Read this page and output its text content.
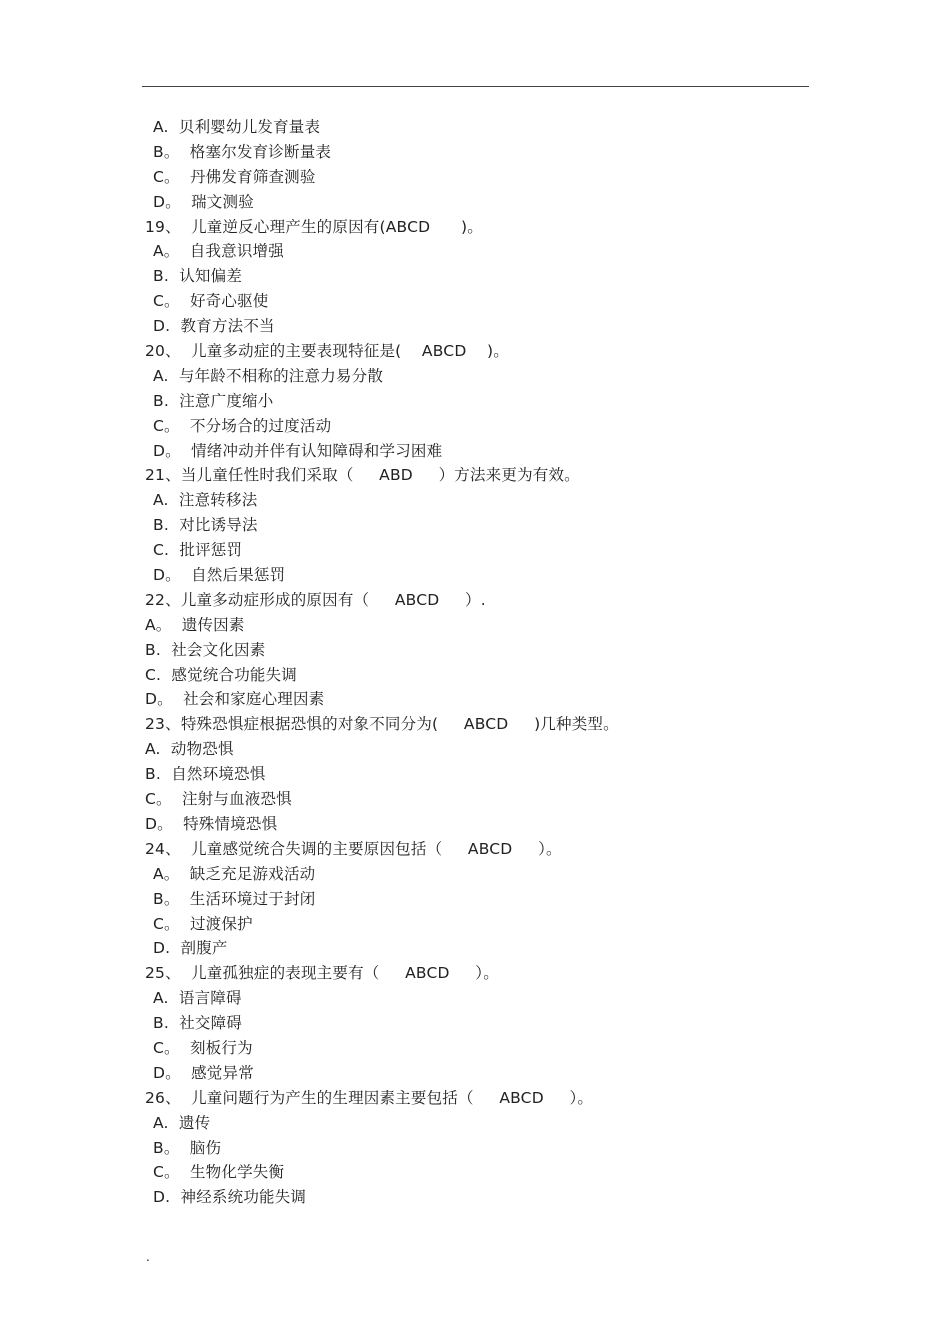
A.  贝利婴幼儿发育量表
B。  格塞尔发育诊断量表
C。  丹佛发育筛查测验
D。  瑞文测验
19、  儿童逆反心理产生的原因有(ABCD      )。
A。  自我意识增强
B.  认知偏差
C。  好奇心驱使
D.  教育方法不当
20、  儿童多动症的主要表现特征是(    ABCD    )。
A.  与年龄不相称的注意力易分散
B.  注意广度缩小
C。  不分场合的过度活动
D。  情绪冲动并伴有认知障碍和学习困难
21、当儿童任性时我们采取（     ABD     ）方法来更为有效。
A.  注意转移法
B.  对比诱导法
C.  批评惩罚
D。  自然后果惩罚
22、儿童多动症形成的原因有（     ABCD     ）.
A。  遗传因素
B.  社会文化因素
C.  感觉统合功能失调
D。  社会和家庭心理因素
23、特殊恐惧症根据恐惧的对象不同分为(     ABCD     )几种类型。
A.  动物恐惧
B.  自然环境恐惧
C。  注射与血液恐惧
D。  特殊情境恐惧
24、  儿童感觉统合失调的主要原因包括（     ABCD     ）。
A。  缺乏充足游戏活动
B。  生活环境过于封闭
C。  过渡保护
D.  剖腹产
25、  儿童孤独症的表现主要有（     ABCD     ）。
A.  语言障碍
B.  社交障碍
C。  刻板行为
D。  感觉异常
26、  儿童问题行为产生的生理因素主要包括（     ABCD     ）。
A.  遗传
B。  脑伤
C。  生物化学失衡
D.  神经系统功能失调
.
